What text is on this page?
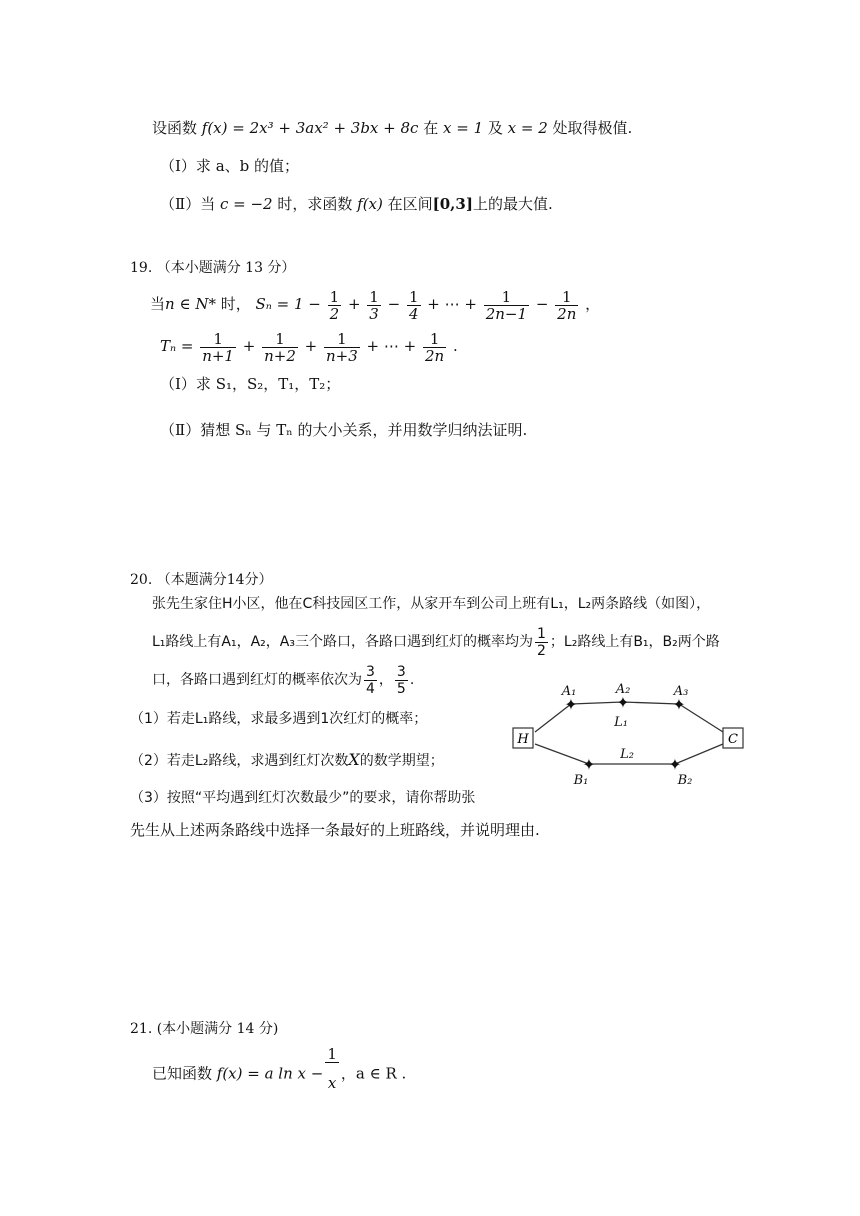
设函数 f(x) = 2x³ + 3ax² + 3bx + 8c 在 x = 1 及 x = 2 处取得极值.
（Ⅰ）求 a、b 的值；
（Ⅱ）当 c = −2 时，求函数 f(x) 在区间[0,3]上的最大值.
19. （本小题满分 13 分）
当n ∈ N* 时， $S_n = 1 - \frac{1}{2} + \frac{1}{3} - \frac{1}{4}$ + ⋯ + $\frac{1}{2n-1} - \frac{1}{2n}$ ，
$T_n = \frac{1}{n+1} + \frac{1}{n+2} + \frac{1}{n+3}$ + ⋯ + $\frac{1}{2n}$ .
（Ⅰ）求 S₁，S₂，T₁，T₂；
（Ⅱ）猜想 Sₙ 与 Tₙ 的大小关系，并用数学归纳法证明.
20. （本题满分14分）
张先生家住H小区，他在C科技园区工作，从家开车到公司上班有L₁，L₂两条路线（如图），
L₁路线上有A₁，A₂，A₃三个路口，各路口遇到红灯的概率均为 $\frac{1}{2}$ ；L₂路线上有B₁，B₂两个路
口，各路口遇到红灯的概率依次为 $\frac{3}{4}$ ， $\frac{3}{5}$ .
（1）若走L₁路线，求最多遇到1次红灯的概率；
（2）若走L₂路线，求遇到红灯次数X的数学期望；
（3）按照“平均遇到红灯次数最少”的要求，请你帮助张
先生从上述两条路线中选择一条最好的上班路线，并说明理由.
H	C
✦ ✦	✦
✦	✦
A₁	A₂	A₃
L₁
L₂
B₁	B₂
21. (本小题满分 14 分)
已知函数 f(x) = a $\ln x - \frac{1}{x}$ ，a ∈ R .
